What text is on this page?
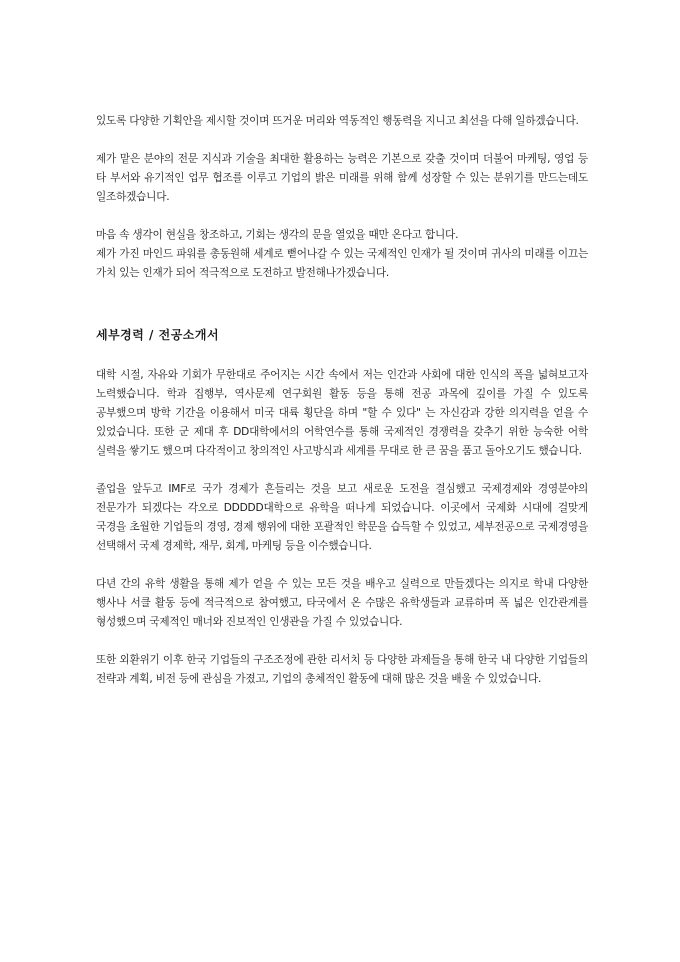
있도록 다양한 기획안을 제시할 것이며 뜨거운 머리와 역동적인 행동력을 지니고 최선을 다해 일하겠습니다.

제가 맡은 분야의 전문 지식과 기술을 최대한 활용하는 능력은 기본으로 갖출 것이며 더불어 마케팅, 영업 등 타 부서와 유기적인 업무 협조를 이루고 기업의 밝은 미래를 위해 함께 성장할 수 있는 분위기를 만드는데도 일조하겠습니다.

마음 속 생각이 현실을 창조하고, 기회는 생각의 문을 열었을 때만 온다고 합니다.

제가 가진 마인드 파워를 총동원해 세계로 뻗어나갈 수 있는 국제적인 인재가 될 것이며 귀사의 미래를 이끄는 가치 있는 인재가 되어 적극적으로 도전하고 발전해나가겠습니다.

세부경력 / 전공소개서

대학 시절, 자유와 기회가 무한대로 주어지는 시간 속에서 저는 인간과 사회에 대한 인식의 폭을 넓혀보고자 노력했습니다. 학과 집행부, 역사문제 연구회원 활동 등을 통해 전공 과목에 깊이를 가질 수 있도록 공부했으며 방학 기간을 이용해서 미국 대륙 횡단을 하며 "할 수 있다" 는 자신감과 강한 의지력을 얻을 수 있었습니다. 또한 군 제대 후 DD대학에서의 어학연수를 통해 국제적인 경쟁력을 갖추기 위한 능숙한 어학 실력을 쌓기도 했으며 다각적이고 창의적인 사고방식과 세계를 무대로 한 큰 꿈을 품고 돌아오기도 했습니다.

졸업을 앞두고 IMF로 국가 경제가 흔들리는 것을 보고 새로운 도전을 결심했고 국제경제와 경영분야의 전문가가 되겠다는 각오로 DDDDD대학으로 유학을 떠나게 되었습니다. 이곳에서 국제화 시대에 걸맞게 국경을 초월한 기업들의 경영, 경제 행위에 대한 포괄적인 학문을 습득할 수 있었고, 세부전공으로 국제경영을 선택해서 국제 경제학, 재무, 회계, 마케팅 등을 이수했습니다.

다년 간의 유학 생활을 통해 제가 얻을 수 있는 모든 것을 배우고 실력으로 만들겠다는 의지로 학내 다양한 행사나 서클 활동 등에 적극적으로 참여했고, 타국에서 온 수많은 유학생들과 교류하며 폭 넓은 인간관계를 형성했으며 국제적인 매너와 진보적인 인생관을 가질 수 있었습니다.

또한 외환위기 이후 한국 기업들의 구조조정에 관한 리서치 등 다양한 과제들을 통해 한국 내 다양한 기업들의 전략과 계획, 비전 등에 관심을 가졌고, 기업의 총체적인 활동에 대해 많은 것을 배울 수 있었습니다.
